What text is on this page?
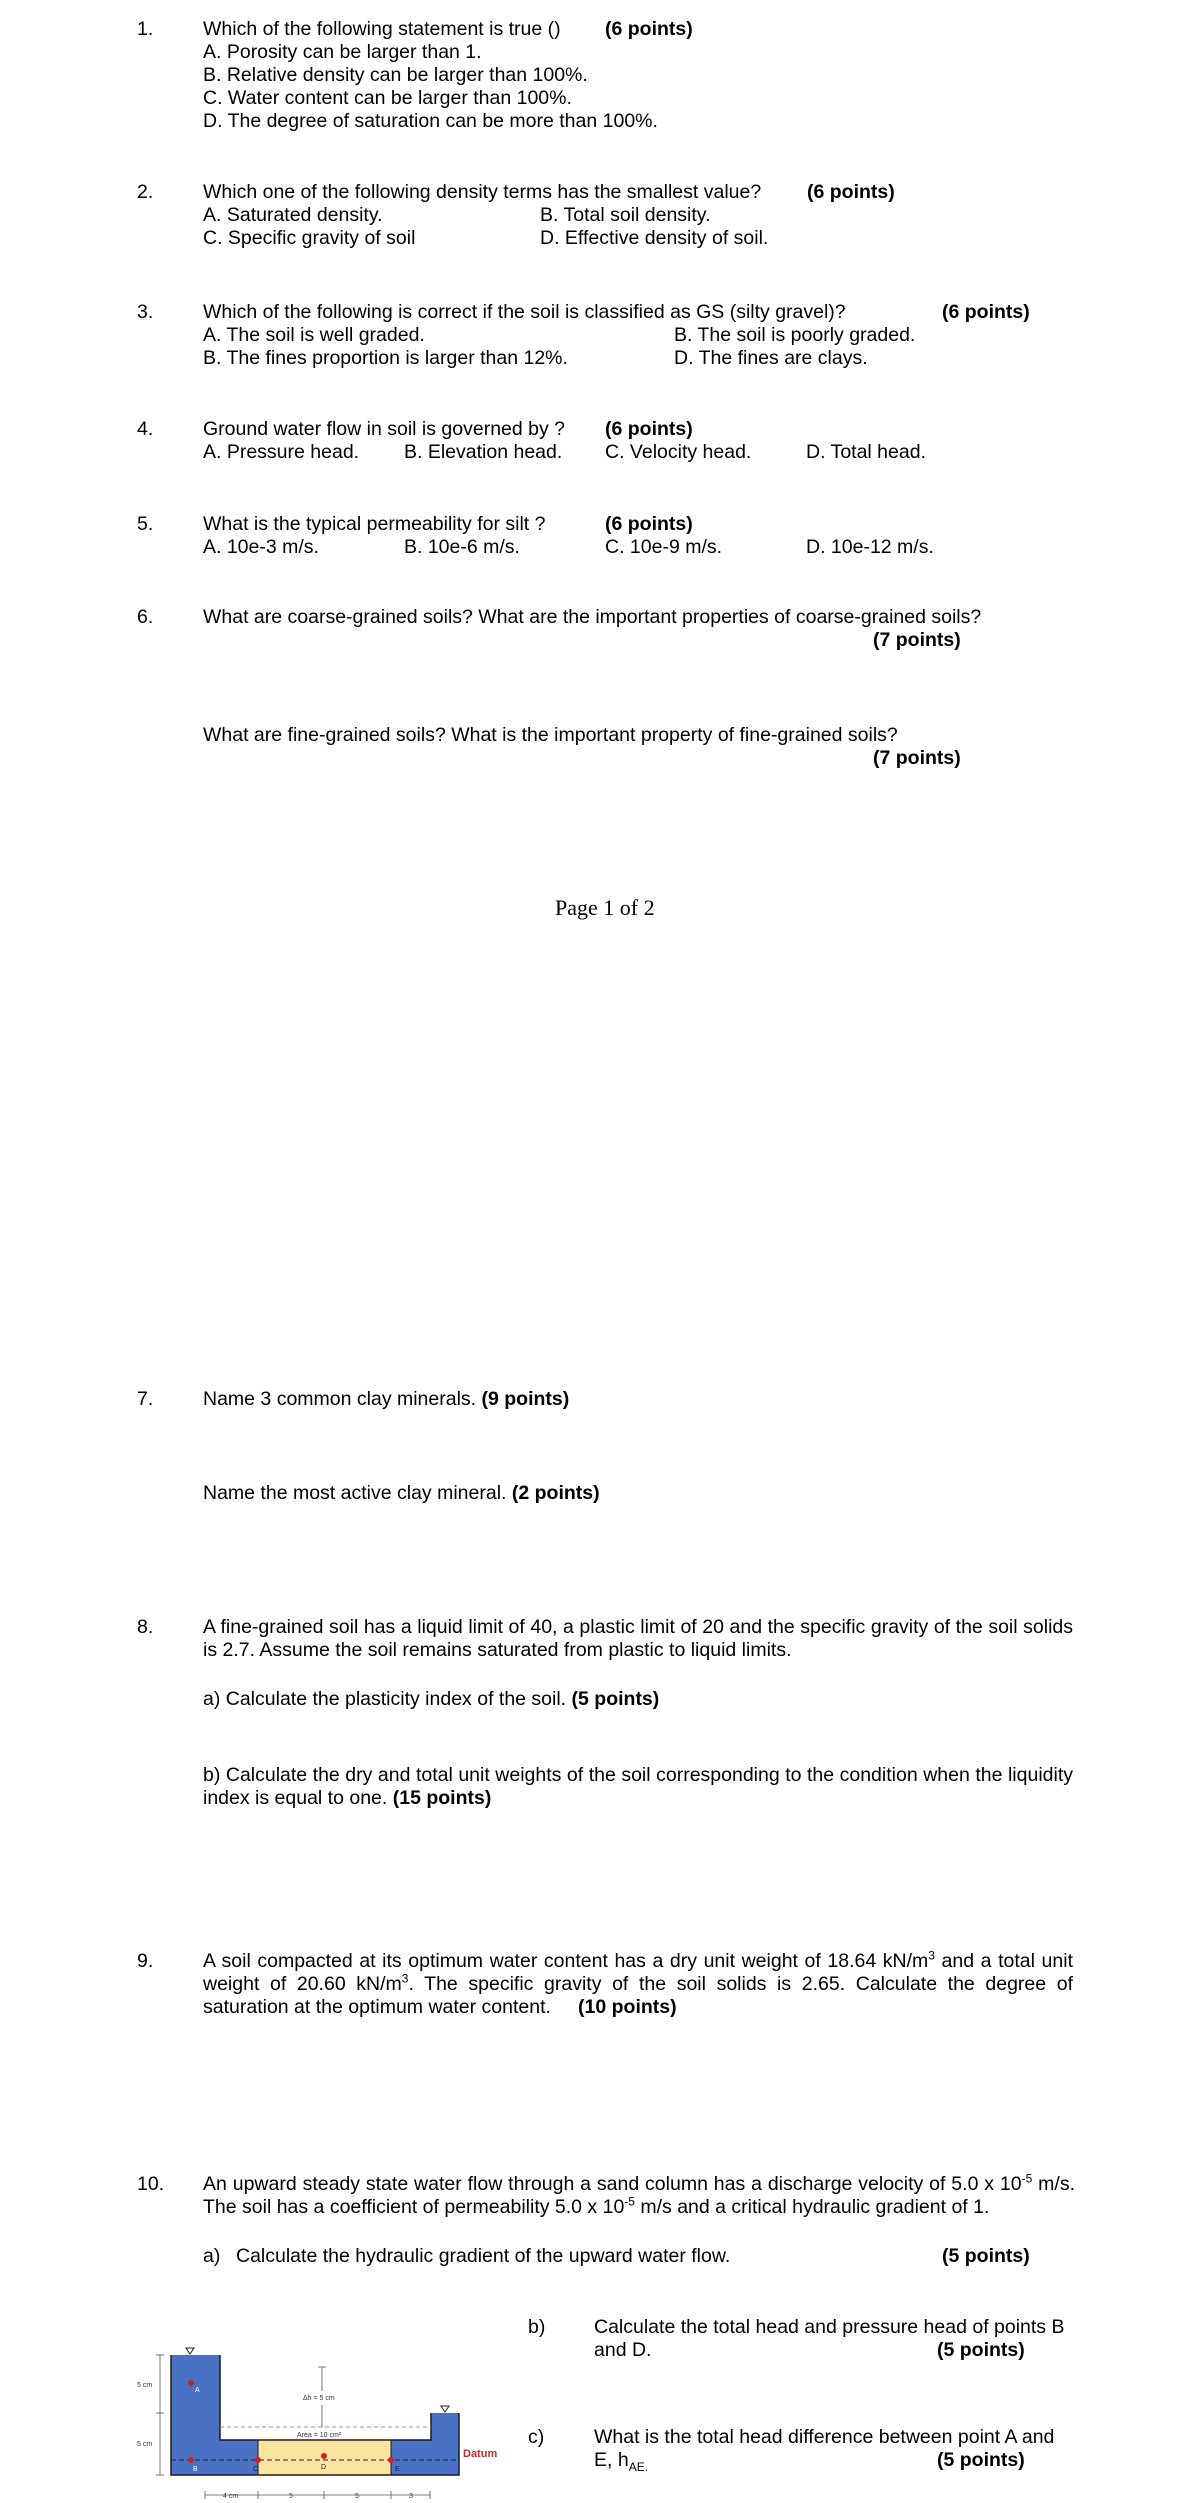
1.	Which of the following statement is true () (6 points)
A. Porosity can be larger than 1.
B. Relative density can be larger than 100%.
C. Water content can be larger than 100%.
D. The degree of saturation can be more than 100%.
2.	Which one of the following density terms has the smallest value? (6 points)
A. Saturated density.	B. Total soil density.
C. Specific gravity of soil	D. Effective density of soil.
3.	Which of the following is correct if the soil is classified as GS (silty gravel)?	(6 points)
A. The soil is well graded.	B. The soil is poorly graded.
B. The fines proportion is larger than 12%.	D. The fines are clays.
4.	Ground water flow in soil is governed by ? (6 points)
A. Pressure head. B. Elevation head. C. Velocity head.	D. Total head.
5.	What is the typical permeability for silt ?	(6 points)
A. 10e-3 m/s.	B. 10e-6 m/s.	C. 10e-9 m/s.	D. 10e-12 m/s.
6.	What are coarse-grained soils? What are the important properties of coarse-grained soils?
(7 points)
What are fine-grained soils? What is the important property of fine-grained soils?
(7 points)
Page 1 of 2
7.	Name 3 common clay minerals. (9 points)
Name the most active clay mineral. (2 points)
8.	A fine-grained soil has a liquid limit of 40, a plastic limit of 20 and the specific gravity of the soil solids is 2.7. Assume the soil remains saturated from plastic to liquid limits.
a) Calculate the plasticity index of the soil. (5 points)
b) Calculate the dry and total unit weights of the soil corresponding to the condition when the liquidity index is equal to one. (15 points)
9.	A soil compacted at its optimum water content has a dry unit weight of 18.64 $kN/m^3$ and a total unit weight of 20.60 $kN/m^3$. The specific gravity of the soil solids is 2.65. Calculate the degree of saturation at the optimum water content. (10 points)
10. An upward steady state water flow through a sand column has a discharge velocity of 5.0 x $10^{-5}$ m/s. The soil has a coefficient of permeability 5.0 x $10^{-5}$ m/s and a critical hydraulic gradient of 1.
a) Calculate the hydraulic gradient of the upward water flow.	(5 points)
b) Calculate the total head and pressure head of points B and D.	(5 points)
c)	What is the total head difference between point A and E, $h_{AE.}$	(5 points)
5 cm
5 cm
Δh = 5 cm
Area = 10 cm²
A
B	C	D	E
Datum
4 cm	5	5	3
